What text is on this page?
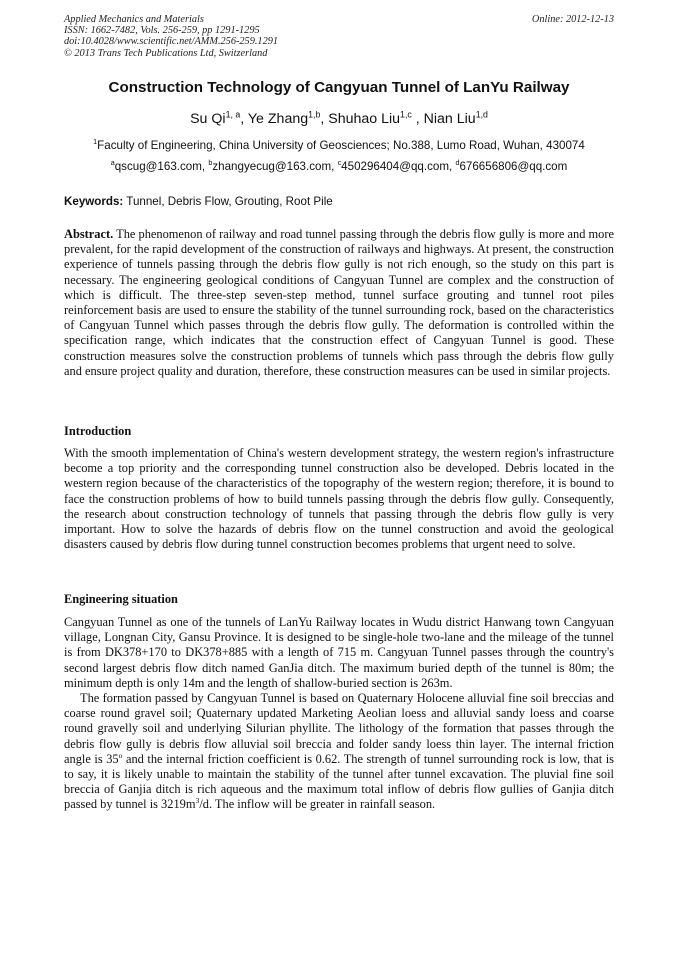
Applied Mechanics and Materials
ISSN: 1662-7482, Vols. 256-259, pp 1291-1295
doi:10.4028/www.scientific.net/AMM.256-259.1291
© 2013 Trans Tech Publications Ltd, Switzerland
Online: 2012-12-13
Construction Technology of Cangyuan Tunnel of LanYu Railway
Su Qi$^{1, a}$, Ye Zhang$^{1,b}$, Shuhao Liu$^{1,c}$ , Nian Liu$^{1,d}$
$^1$Faculty of Engineering, China University of Geosciences; No.388, Lumo Road, Wuhan, 430074
$^a$qscug@163.com, $^b$zhangyecug@163.com, $^c$450296404@qq.com, $^d$676656806@qq.com
Keywords: Tunnel, Debris Flow, Grouting, Root Pile

Abstract. The phenomenon of railway and road tunnel passing through the debris flow gully is more and more prevalent, for the rapid development of the construction of railways and highways. At present, the construction experience of tunnels passing through the debris flow gully is not rich enough, so the study on this part is necessary. The engineering geological conditions of Cangyuan Tunnel are complex and the construction of which is difficult. The three-step seven-step method, tunnel surface grouting and tunnel root piles reinforcement basis are used to ensure the stability of the tunnel surrounding rock, based on the characteristics of Cangyuan Tunnel which passes through the debris flow gully. The deformation is controlled within the specification range, which indicates that the construction effect of Cangyuan Tunnel is good. These construction measures solve the construction problems of tunnels which pass through the debris flow gully and ensure project quality and duration, therefore, these construction measures can be used in similar projects.

Introduction

With the smooth implementation of China's western development strategy, the western region's infrastructure become a top priority and the corresponding tunnel construction also be developed. Debris located in the western region because of the characteristics of the topography of the western region; therefore, it is bound to face the construction problems of how to build tunnels passing through the debris flow gully. Consequently, the research about construction technology of tunnels that passing through the debris flow gully is very important. How to solve the hazards of debris flow on the tunnel construction and avoid the geological disasters caused by debris flow during tunnel construction becomes problems that urgent need to solve.

Engineering situation

Cangyuan Tunnel as one of the tunnels of LanYu Railway locates in Wudu district Hanwang town Cangyuan village, Longnan City, Gansu Province. It is designed to be single-hole two-lane and the mileage of the tunnel is from DK378+170 to DK378+885 with a length of 715 m. Cangyuan Tunnel passes through the country's second largest debris flow ditch named GanJia ditch. The maximum buried depth of the tunnel is 80m; the minimum depth is only 14m and the length of shallow-buried section is 263m.

The formation passed by Cangyuan Tunnel is based on Quaternary Holocene alluvial fine soil breccias and coarse round gravel soil; Quaternary updated Marketing Aeolian loess and alluvial sandy loess and coarse round gravelly soil and underlying Silurian phyllite. The lithology of the formation that passes through the debris flow gully is debris flow alluvial soil breccia and folder sandy loess thin layer. The internal friction angle is 35$^o$ and the internal friction coefficient is 0.62. The strength of tunnel surrounding rock is low, that is to say, it is likely unable to maintain the stability of the tunnel after tunnel excavation. The pluvial fine soil breccia of Ganjia ditch is rich aqueous and the maximum total inflow of debris flow gullies of Ganjia ditch passed by tunnel is $3219m^3/d$. The inflow will be greater in rainfall season.
